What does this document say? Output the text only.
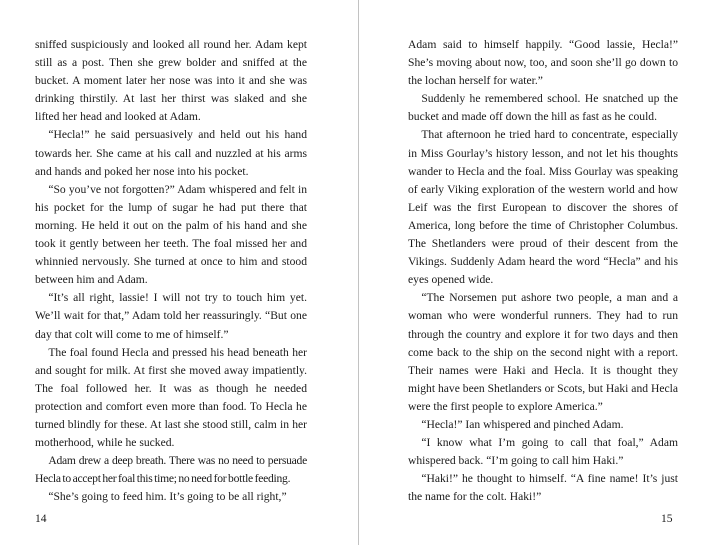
sniffed suspiciously and looked all round her. Adam kept still as a post. Then she grew bolder and sniffed at the bucket. A moment later her nose was into it and she was drinking thirstily. At last her thirst was slaked and she lifted her head and looked at Adam.

“Hecla!” he said persuasively and held out his hand towards her. She came at his call and nuzzled at his arms and hands and poked her nose into his pocket.

“So you’ve not forgotten?” Adam whispered and felt in his pocket for the lump of sugar he had put there that morning. He held it out on the palm of his hand and she took it gently between her teeth. The foal missed her and whinnied nervously. She turned at once to him and stood between him and Adam.

“It’s all right, lassie! I will not try to touch him yet. We’ll wait for that,” Adam told her reassuringly. “But one day that colt will come to me of himself.”

The foal found Hecla and pressed his head beneath her and sought for milk. At first she moved away impatiently. The foal followed her. It was as though he needed protection and comfort even more than food. To Hecla he turned blindly for these. At last she stood still, calm in her motherhood, while he sucked.

Adam drew a deep breath. There was no need to persuade Hecla to accept her foal this time; no need for bottle feeding.

“She’s going to feed him. It’s going to be all right,”

14

Adam said to himself happily. “Good lassie, Hecla!” She’s moving about now, too, and soon she’ll go down to the lochan herself for water.”

Suddenly he remembered school. He snatched up the bucket and made off down the hill as fast as he could.

That afternoon he tried hard to concentrate, especially in Miss Gourlay’s history lesson, and not let his thoughts wander to Hecla and the foal. Miss Gourlay was speaking of early Viking exploration of the western world and how Leif was the first European to discover the shores of America, long before the time of Christopher Columbus. The Shetlanders were proud of their descent from the Vikings. Suddenly Adam heard the word “Hecla” and his eyes opened wide.

“The Norsemen put ashore two people, a man and a woman who were wonderful runners. They had to run through the country and explore it for two days and then come back to the ship on the second night with a report. Their names were Haki and Hecla. It is thought they might have been Shetlanders or Scots, but Haki and Hecla were the first people to explore America.”

“Hecla!” Ian whispered and pinched Adam.

“I know what I’m going to call that foal,” Adam whispered back. “I’m going to call him Haki.”

“Haki!” he thought to himself. “A fine name! It’s just the name for the colt. Haki!”

15
